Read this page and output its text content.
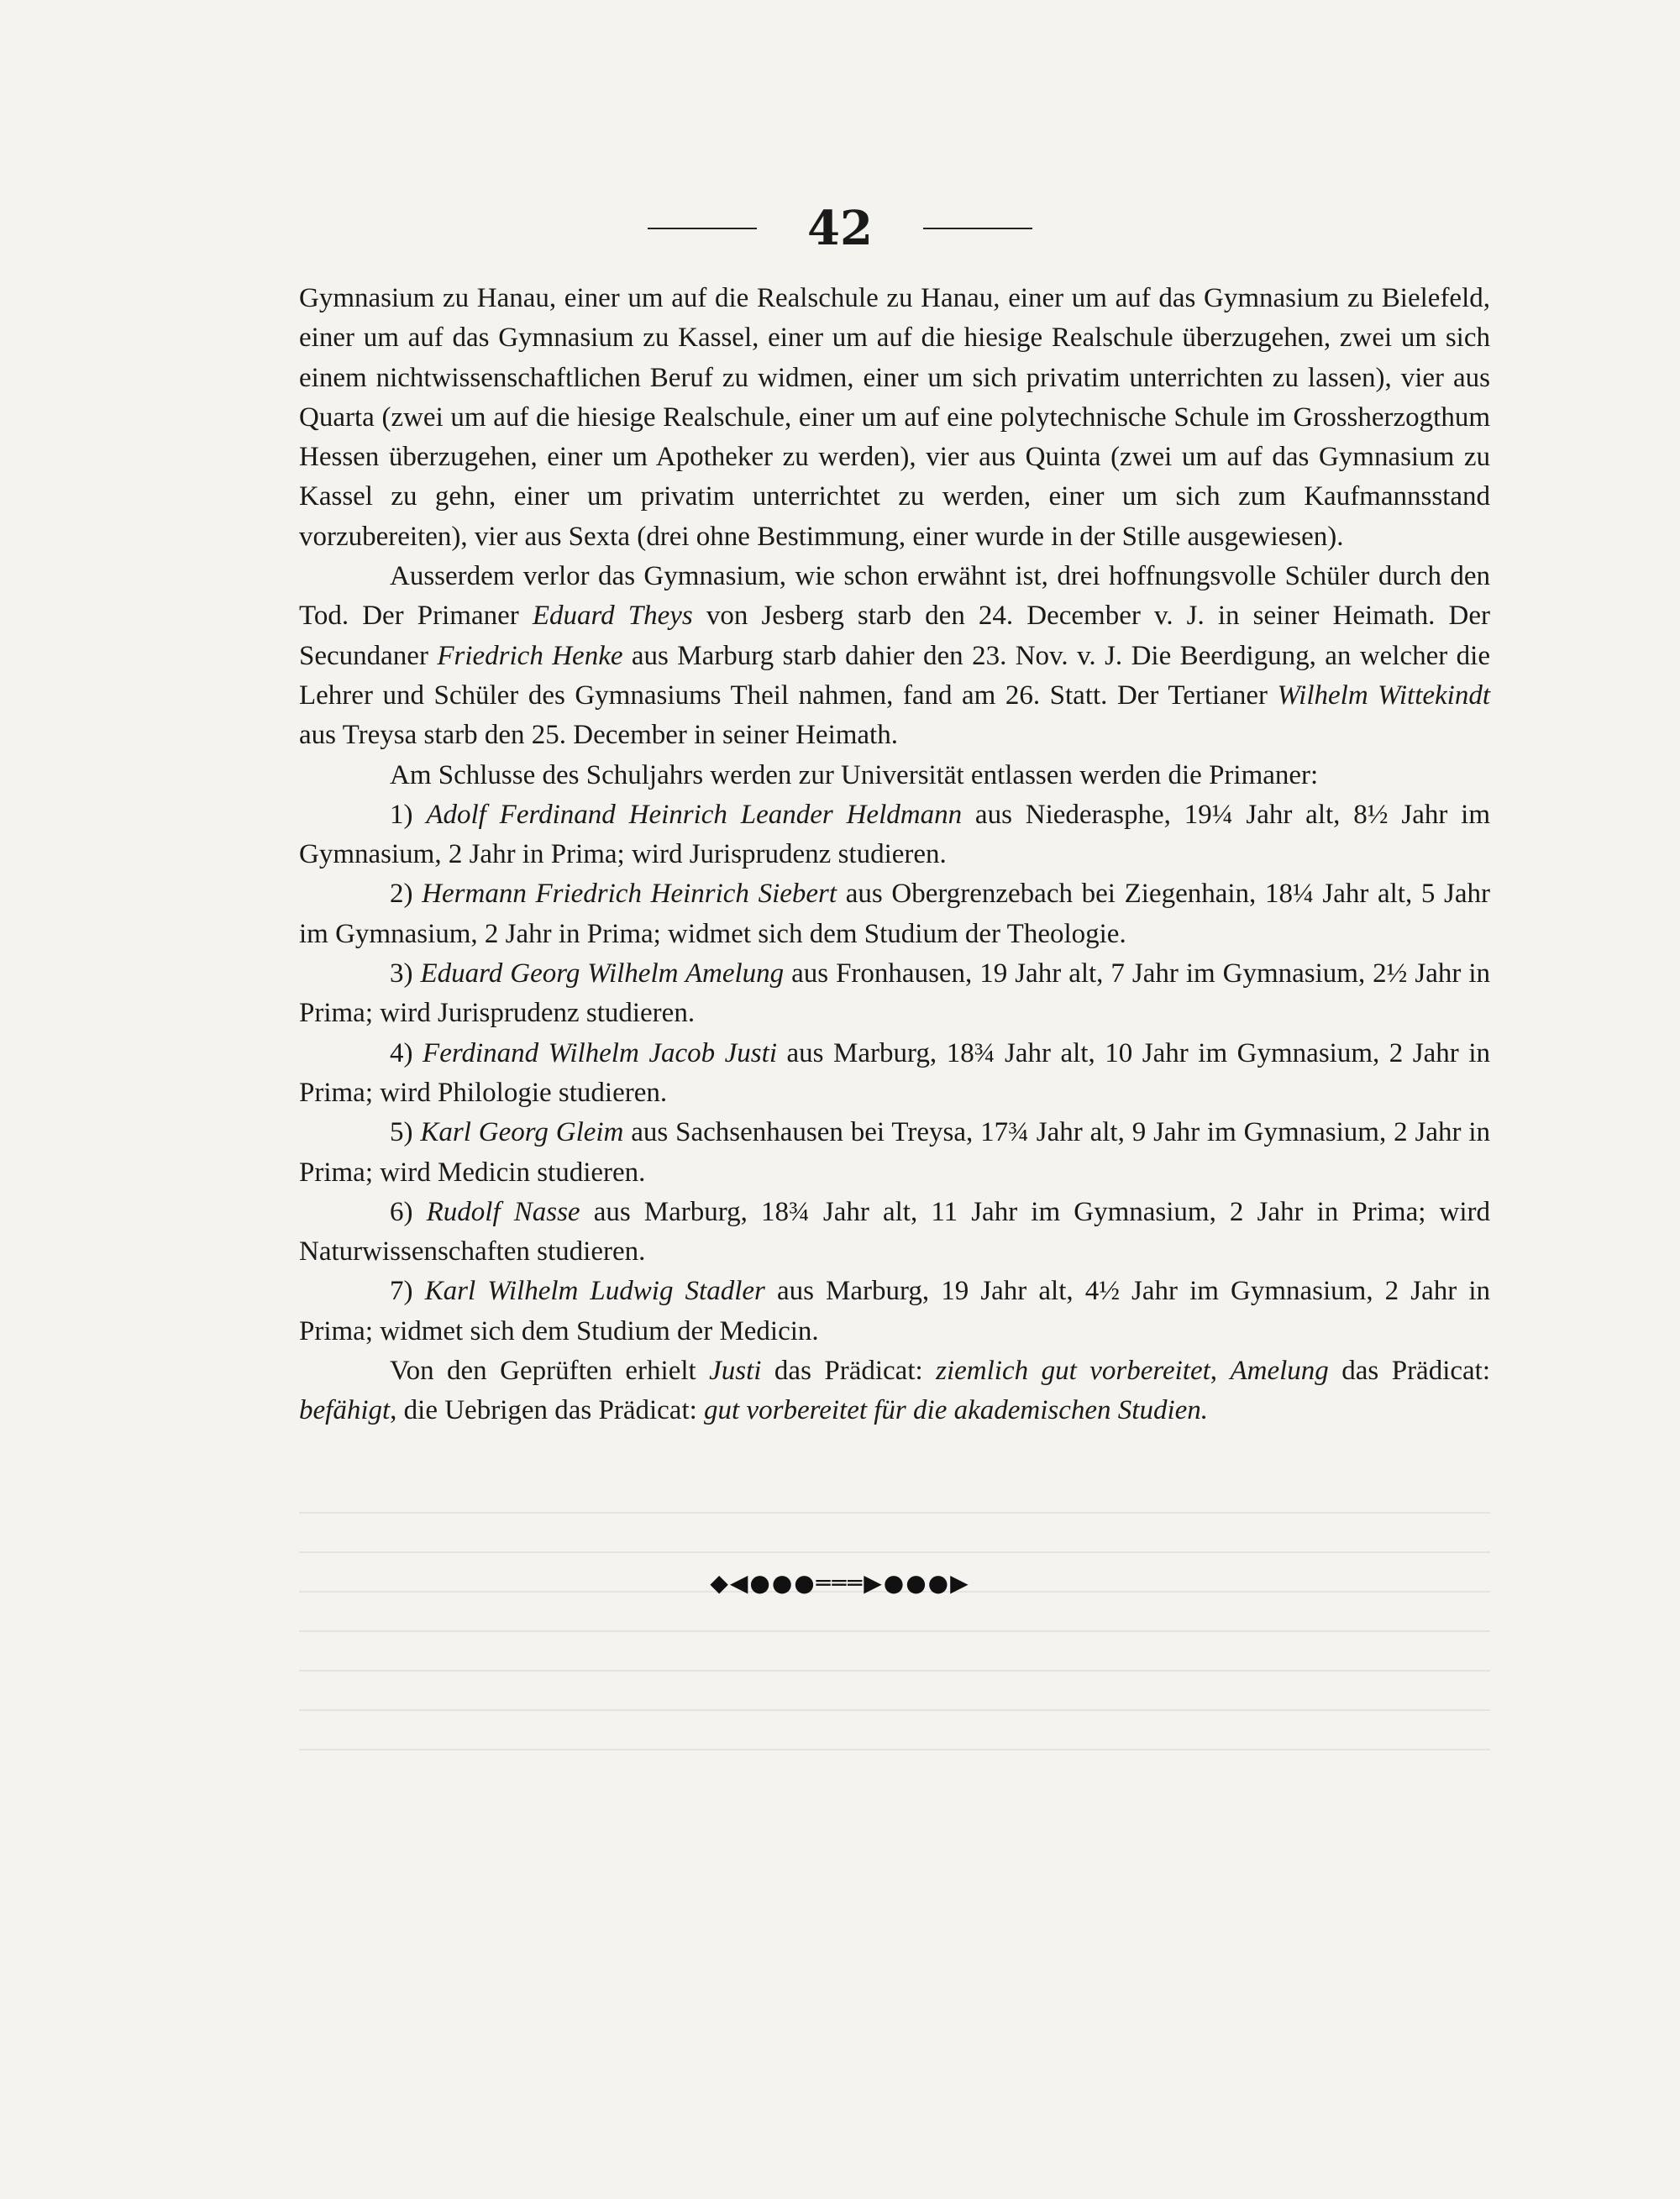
42

Gymnasium zu Hanau, einer um auf die Realschule zu Hanau, einer um auf das Gymnasium zu Bielefeld, einer um auf das Gymnasium zu Kassel, einer um auf die hiesige Realschule überzugehen, zwei um sich einem nichtwissenschaftlichen Beruf zu widmen, einer um sich privatim unterrichten zu lassen), vier aus Quarta (zwei um auf die hiesige Realschule, einer um auf eine polytechnische Schule im Grossherzogthum Hessen überzugehen, einer um Apotheker zu werden), vier aus Quinta (zwei um auf das Gymnasium zu Kassel zu gehn, einer um privatim unterrichtet zu werden, einer um sich zum Kaufmannsstand vorzubereiten), vier aus Sexta (drei ohne Bestimmung, einer wurde in der Stille ausgewiesen).

Ausserdem verlor das Gymnasium, wie schon erwähnt ist, drei hoffnungsvolle Schüler durch den Tod. Der Primaner Eduard Theys von Jesberg starb den 24. December v. J. in seiner Heimath. Der Secundaner Friedrich Henke aus Marburg starb dahier den 23. Nov. v. J. Die Beerdigung, an welcher die Lehrer und Schüler des Gymnasiums Theil nahmen, fand am 26. Statt. Der Tertianer Wilhelm Wittekindt aus Treysa starb den 25. December in seiner Heimath.

Am Schlusse des Schuljahrs werden zur Universität entlassen werden die Primaner:

1) Adolf Ferdinand Heinrich Leander Heldmann aus Niederasphe, 19¼ Jahr alt, 8½ Jahr im Gymnasium, 2 Jahr in Prima; wird Jurisprudenz studieren.

2) Hermann Friedrich Heinrich Siebert aus Obergrenzebach bei Ziegenhain, 18¼ Jahr alt, 5 Jahr im Gymnasium, 2 Jahr in Prima; widmet sich dem Studium der Theologie.

3) Eduard Georg Wilhelm Amelung aus Fronhausen, 19 Jahr alt, 7 Jahr im Gymnasium, 2½ Jahr in Prima; wird Jurisprudenz studieren.

4) Ferdinand Wilhelm Jacob Justi aus Marburg, 18¾ Jahr alt, 10 Jahr im Gymnasium, 2 Jahr in Prima; wird Philologie studieren.

5) Karl Georg Gleim aus Sachsenhausen bei Treysa, 17¾ Jahr alt, 9 Jahr im Gymnasium, 2 Jahr in Prima; wird Medicin studieren.

6) Rudolf Nasse aus Marburg, 18¾ Jahr alt, 11 Jahr im Gymnasium, 2 Jahr in Prima; wird Naturwissenschaften studieren.

7) Karl Wilhelm Ludwig Stadler aus Marburg, 19 Jahr alt, 4½ Jahr im Gymnasium, 2 Jahr in Prima; widmet sich dem Studium der Medicin.

Von den Geprüften erhielt Justi das Prädicat: ziemlich gut vorbereitet, Amelung das Prädicat: befähigt, die Uebrigen das Prädicat: gut vorbereitet für die akademischen Studien.

◆◀●●●═══▶●●●▶
